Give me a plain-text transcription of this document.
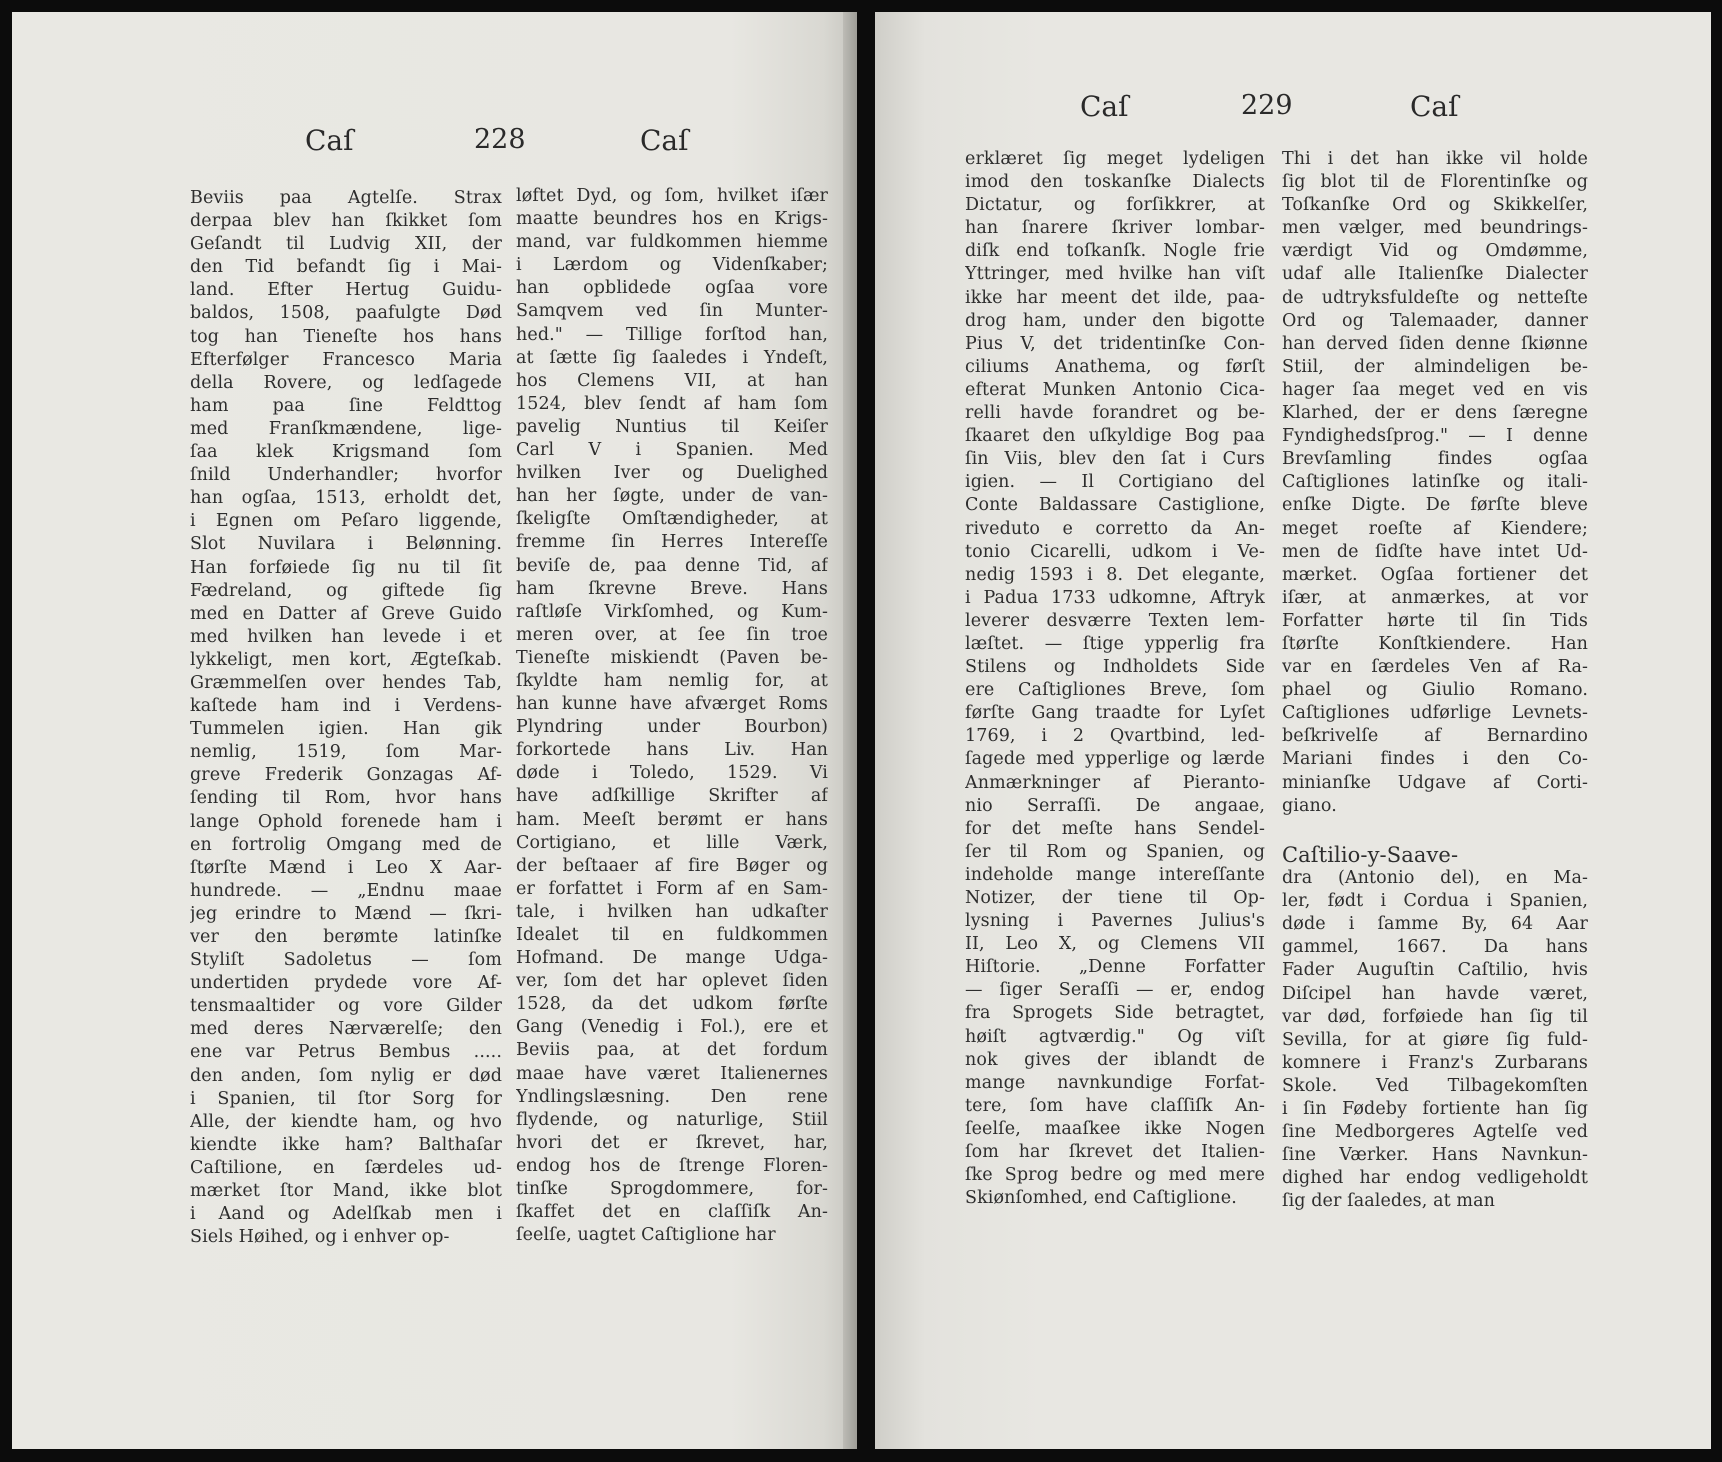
Caſ	228	Caſ
Beviis paa Agtelſe. Strax
derpaa blev han ſkikket ſom
Geſandt til Ludvig XII, der
den Tid befandt ſig i Mai-
land. Efter Hertug Guidu-
baldos, 1508, paafulgte Død
tog han Tieneſte hos hans
Efterfølger Francesco Maria
della Rovere, og ledſagede
ham paa ſine Feldttog
med Franſkmændene, lige-
ſaa klek Krigsmand ſom
ſnild Underhandler; hvorfor
han ogſaa, 1513, erholdt det,
i Egnen om Peſaro liggende,
Slot Nuvilara i Belønning.
Han forføiede ſig nu til ſit
Fædreland, og giftede ſig
med en Datter af Greve Guido
med hvilken han levede i et
lykkeligt, men kort, Ægteſkab.
Græmmelſen over hendes Tab,
kaſtede ham ind i Verdens-
Tummelen igien. Han gik
nemlig, 1519, ſom Mar-
greve Frederik Gonzagas Af-
ſending til Rom, hvor hans
lange Ophold forenede ham i
en fortrolig Omgang med de
ſtørſte Mænd i Leo X Aar-
hundrede. — „Endnu maae
jeg erindre to Mænd — ſkri-
ver den berømte latinſke
Styliſt Sadoletus — ſom
undertiden prydede vore Af-
tensmaaltider og vore Gilder
med deres Nærværelſe; den
ene var Petrus Bembus .....
den anden, ſom nylig er død
i Spanien, til ſtor Sorg for
Alle, der kiendte ham, og hvo
kiendte ikke ham? Balthaſar
Caſtilione, en ſærdeles ud-
mærket ſtor Mand, ikke blot
i Aand og Adelſkab men i
Siels Høihed, og i enhver op-
løftet Dyd, og ſom, hvilket iſær
maatte beundres hos en Krigs-
mand, var fuldkommen hiemme
i Lærdom og Videnſkaber;
han opblidede ogſaa vore
Samqvem ved ſin Munter-
hed." — Tillige forſtod han,
at ſætte ſig ſaaledes i Yndeſt,
hos Clemens VII, at han
1524, blev ſendt af ham ſom
pavelig Nuntius til Keiſer
Carl V i Spanien. Med
hvilken Iver og Duelighed
han her ſøgte, under de van-
ſkeligſte Omſtændigheder, at
fremme ſin Herres Intereſſe
beviſe de, paa denne Tid, af
ham ſkrevne Breve. Hans
raſtløſe Virkſomhed, og Kum-
meren over, at ſee ſin troe
Tieneſte miskiendt (Paven be-
ſkyldte ham nemlig for, at
han kunne have afværget Roms
Plyndring under Bourbon)
forkortede hans Liv. Han
døde i Toledo, 1529. Vi
have adſkillige Skrifter af
ham. Meeſt berømt er hans
Cortigiano, et lille Værk,
der beſtaaer af fire Bøger og
er forfattet i Form af en Sam-
tale, i hvilken han udkaſter
Idealet til en fuldkommen
Hofmand. De mange Udga-
ver, ſom det har oplevet ſiden
1528, da det udkom førſte
Gang (Venedig i Fol.), ere et
Beviis paa, at det fordum
maae have været Italienernes
Yndlingslæsning. Den rene
flydende, og naturlige, Stiil
hvori det er ſkrevet, har,
endog hos de ſtrenge Floren-
tinſke Sprogdommere, for-
ſkaffet det en claſſiſk An-
ſeelſe, uagtet Caſtiglione har
Caſ	229	Caſ
erklæret ſig meget lydeligen
imod den toskanſke Dialects
Dictatur, og forſikkrer, at
han ſnarere ſkriver lombar-
diſk end toſkanſk. Nogle frie
Yttringer, med hvilke han viſt
ikke har meent det ilde, paa-
drog ham, under den bigotte
Pius V, det tridentinſke Con-
ciliums Anathema, og førſt
efterat Munken Antonio Cica-
relli havde forandret og be-
ſkaaret den uſkyldige Bog paa
ſin Viis, blev den ſat i Curs
igien. — Il Cortigiano del
Conte Baldassare Castiglione,
riveduto e corretto da An-
tonio Cicarelli, udkom i Ve-
nedig 1593 i 8. Det elegante,
i Padua 1733 udkomne, Aftryk
leverer desværre Texten lem-
læſtet. — ſtige ypperlig fra
Stilens og Indholdets Side
ere Caſtigliones Breve, ſom
førſte Gang traadte for Lyſet
1769, i 2 Qvartbind, led-
ſagede med ypperlige og lærde
Anmærkninger af Pieranto-
nio Serraſſi. De angaae,
for det meſte hans Sendel-
ſer til Rom og Spanien, og
indeholde mange intereſſante
Notizer, der tiene til Op-
lysning i Pavernes Julius's
II, Leo X, og Clemens VII
Hiſtorie. „Denne Forfatter
— ſiger Seraſſi — er, endog
fra Sprogets Side betragtet,
høiſt agtværdig." Og viſt
nok gives der iblandt de
mange navnkundige Forfat-
tere, ſom have claſſiſk An-
ſeelſe, maaſkee ikke Nogen
ſom har ſkrevet det Italien-
ſke Sprog bedre og med mere
Skiønſomhed, end Caſtiglione.
Thi i det han ikke vil holde
ſig blot til de Florentinſke og
Toſkanſke Ord og Skikkelſer,
men vælger, med beundrings-
værdigt Vid og Omdømme,
udaf alle Italienſke Dialecter
de udtryksfuldeſte og netteſte
Ord og Talemaader, danner
han derved ſiden denne ſkiønne
Stiil, der almindeligen be-
hager ſaa meget ved en vis
Klarhed, der er dens ſæregne
Fyndighedsſprog." — I denne
Brevſamling findes ogſaa
Caſtigliones latinſke og itali-
enſke Digte. De førſte bleve
meget roeſte af Kiendere;
men de ſidſte have intet Ud-
mærket. Ogſaa fortiener det
iſær, at anmærkes, at vor
Forfatter hørte til ſin Tids
ſtørſte Konſtkiendere. Han
var en ſærdeles Ven af Ra-
phael og Giulio Romano.
Caſtigliones udførlige Levnets-
beſkrivelſe af Bernardino
Mariani findes i den Co-
minianſke Udgave af Corti-
giano.
Caſtilio-y-Saave-
dra (Antonio del), en Ma-
ler, født i Cordua i Spanien,
døde i ſamme By, 64 Aar
gammel, 1667. Da hans
Fader Auguſtin Caſtilio, hvis
Diſcipel han havde været,
var død, forføiede han ſig til
Sevilla, for at giøre ſig fuld-
komnere i Franz's Zurbarans
Skole. Ved Tilbagekomſten
i ſin Fødeby fortiente han ſig
ſine Medborgeres Agtelſe ved
ſine Værker. Hans Navnkun-
dighed har endog vedligeholdt
ſig der ſaaledes, at man
